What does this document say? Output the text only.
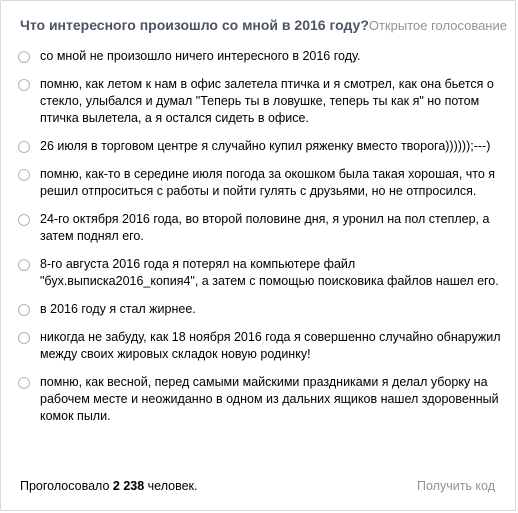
Что интересного произошло со мной в 2016 году? Открытое голосование
со мной не произошло ничего интересного в 2016 году.
помню, как летом к нам в офис залетела птичка и я смотрел, как она бьется о стекло, улыбался и думал "Теперь ты в ловушке, теперь ты как я" но потом птичка вылетела, а я остался сидеть в офисе.
26 июля в торговом центре я случайно купил ряженку вместо творога))))));---)
помню, как-то в середине июля погода за окошком была такая хорошая, что я решил отпроситься с работы и пойти гулять с друзьями, но не отпросился.
24-го октября 2016 года, во второй половине дня, я уронил на пол степлер, а затем поднял его.
8-го августа 2016 года я потерял на компьютере файл "бух.выписка2016_копия4", а затем с помощью поисковика файлов нашел его.
в 2016 году я стал жирнее.
никогда не забуду, как 18 ноября 2016 года я совершенно случайно обнаружил между своих жировых складок новую родинку!
помню, как весной, перед самыми майскими праздниками я делал уборку на рабочем месте и неожиданно в одном из дальних ящиков нашел здоровенный комок пыли.
Проголосовало 2 238 человек.	Получить код
